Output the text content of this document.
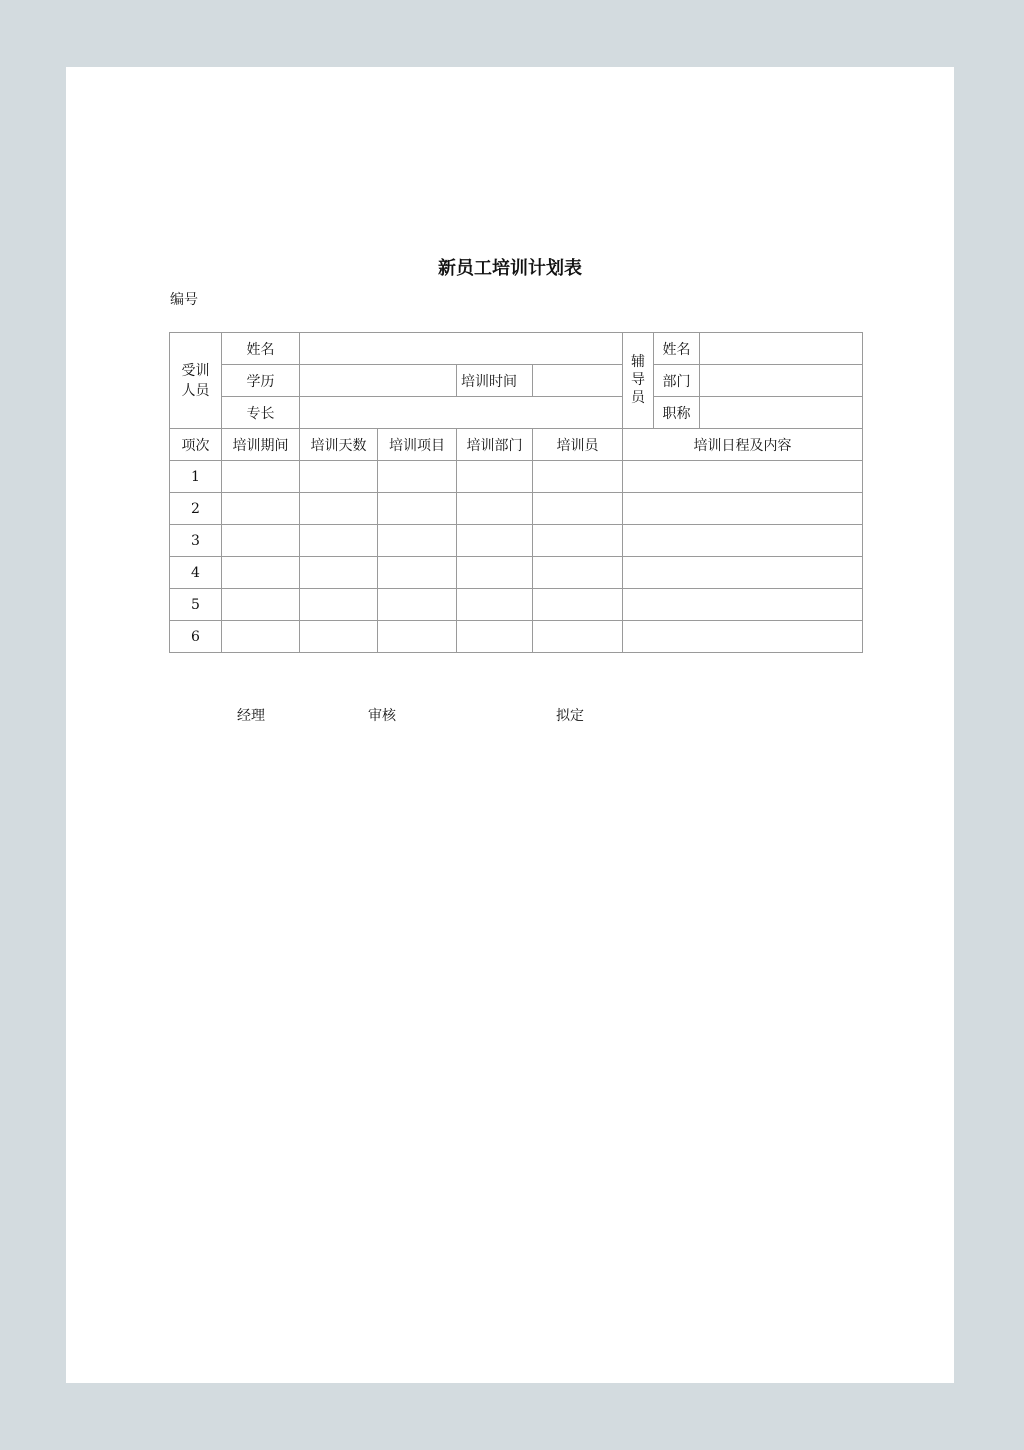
新员工培训计划表
编号
受训人员	姓名					辅导员	姓名	
	学历			培训时间			部门	
	专长						职称	
项次	培训期间	培训天数	培训项目	培训部门	培训员	培训日程及内容		
1								
2								
3								
4								
5								
6								
经理	审核	拟定
